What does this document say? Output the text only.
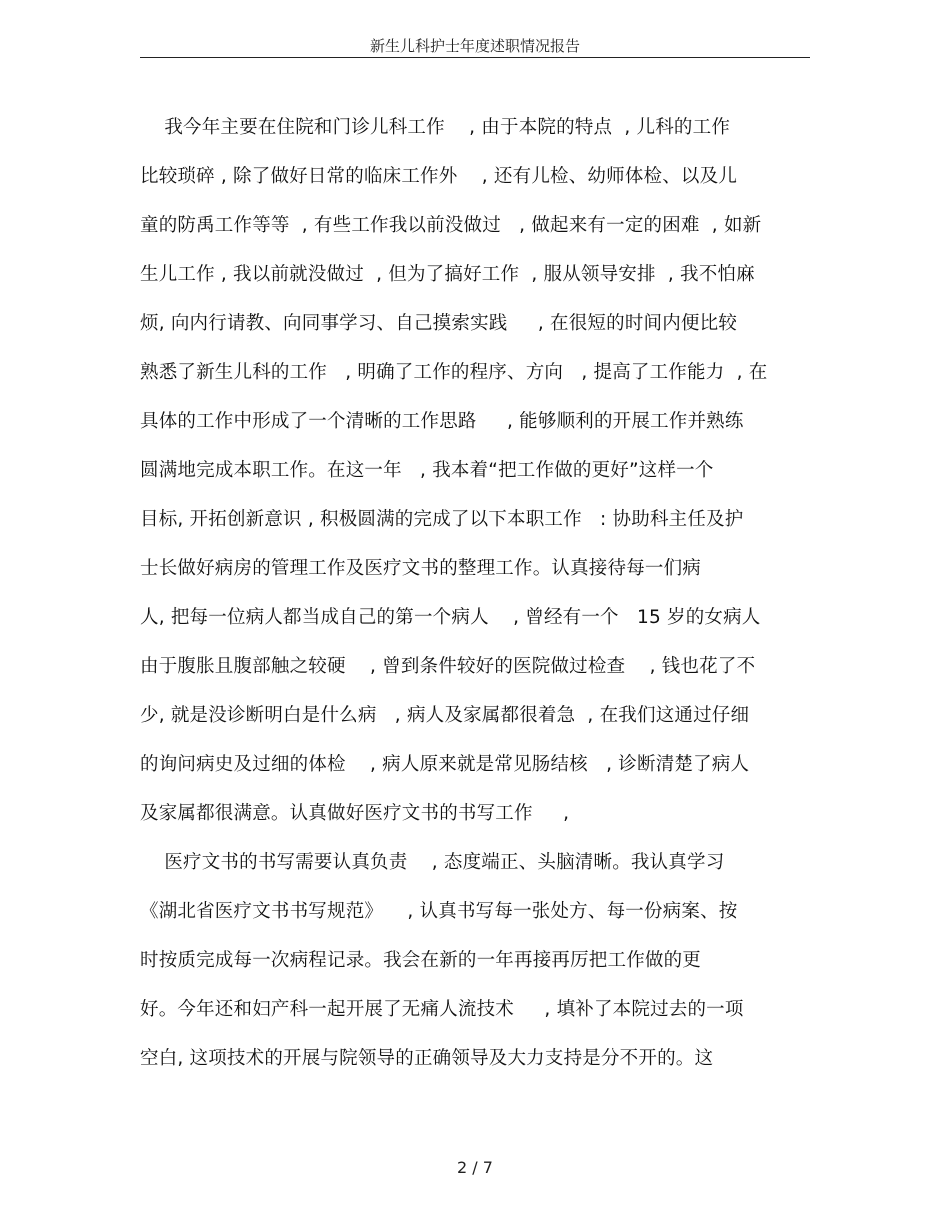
新生儿科护士年度述职情况报告
我今年主要在住院和门诊儿科工作    , 由于本院的特点  , 儿科的工作
比较琐碎 , 除了做好日常的临床工作外    , 还有儿检、幼师体检、以及儿
童的防禹工作等等  , 有些工作我以前没做过   , 做起来有一定的困难  , 如新
生儿工作 , 我以前就没做过  , 但为了搞好工作  , 服从领导安排  , 我不怕麻
烦, 向内行请教、向同事学习、自己摸索实践     , 在很短的时间内便比较
熟悉了新生儿科的工作   , 明确了工作的程序、方向   , 提高了工作能力  , 在
具体的工作中形成了一个清晰的工作思路     , 能够顺利的开展工作并熟练
圆满地完成本职工作。在这一年   , 我本着“把工作做的更好”这样一个
目标, 开拓创新意识 , 积极圆满的完成了以下本职工作   : 协助科主任及护
士长做好病房的管理工作及医疗文书的整理工作。认真接待每一们病
人, 把每一位病人都当成自己的第一个病人    , 曾经有一个   15 岁的女病人
由于腹胀且腹部触之较硬    , 曾到条件较好的医院做过检查    , 钱也花了不
少, 就是没诊断明白是什么病   , 病人及家属都很着急  , 在我们这通过仔细
的询问病史及过细的体检    , 病人原来就是常见肠结核   , 诊断清楚了病人
及家属都很满意。认真做好医疗文书的书写工作     ,
医疗文书的书写需要认真负责    , 态度端正、头脑清晰。我认真学习
《湖北省医疗文书书写规范》    , 认真书写每一张处方、每一份病案、按
时按质完成每一次病程记录。我会在新的一年再接再厉把工作做的更
好。今年还和妇产科一起开展了无痛人流技术     , 填补了本院过去的一项
空白, 这项技术的开展与院领导的正确领导及大力支持是分不开的。这
2 / 7
